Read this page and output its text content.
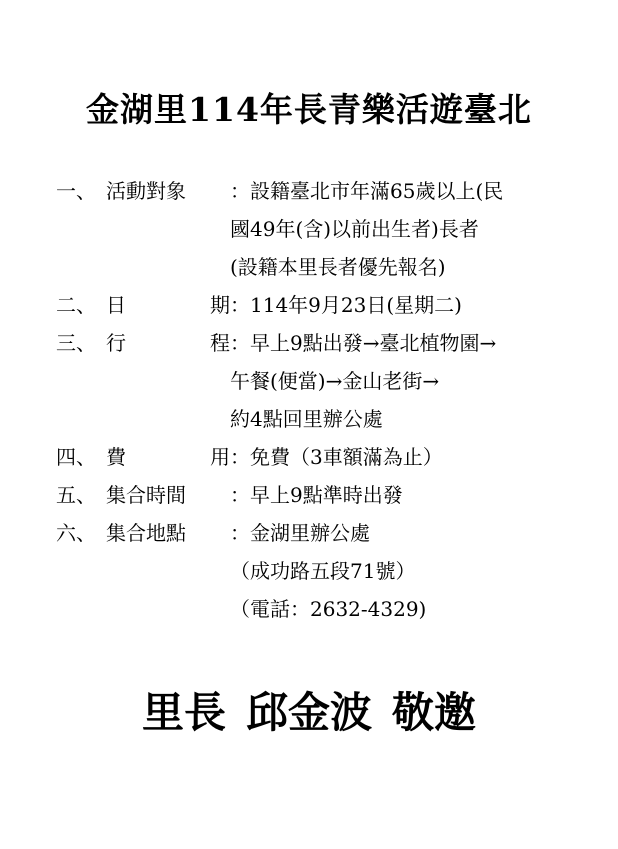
金湖里114年長青樂活遊臺北
一、 活動對象 ：設籍臺北市年滿65歲以上(民
國49年(含)以前出生者)長者
(設籍本里長者優先報名)
二、 日	期 ：114年9月23日(星期二)
三、 行	程 ：早上9點出發→臺北植物園→
午餐(便當)→金山老街→
約4點回里辦公處
四、 費	用 ：免費（3車額滿為止）
五、 集合時間 ：早上9點準時出發
六、 集合地點 ：金湖里辦公處
（成功路五段71號）
（電話：2632-4329)
里長 邱金波 敬邀
